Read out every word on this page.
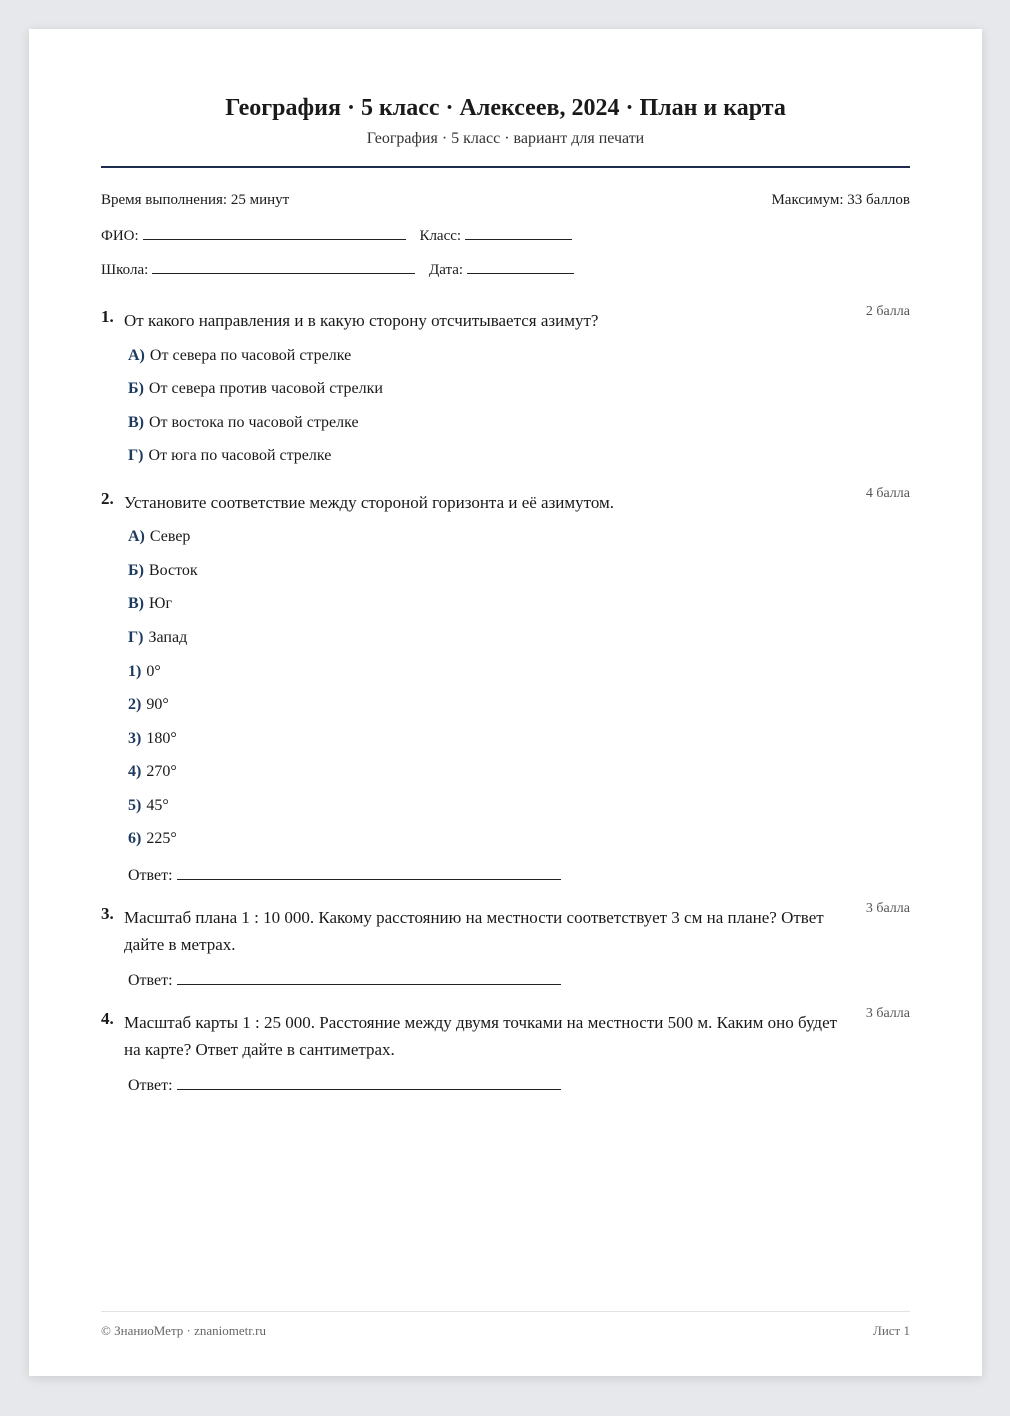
География · 5 класс · Алексеев, 2024 · План и карта
География · 5 класс · вариант для печати
Время выполнения: 25 минут	Максимум: 33 баллов
ФИО:	Класс:
Школа:	Дата:
1. От какого направления и в какую сторону отсчитывается азимут?	2 балла
А) От севера по часовой стрелке
Б) От севера против часовой стрелки
В) От востока по часовой стрелке
Г) От юга по часовой стрелке
2. Установите соответствие между стороной горизонта и её азимутом.	4 балла
А) Север
Б) Восток
В) Юг
Г) Запад
1) 0°
2) 90°
3) 180°
4) 270°
5) 45°
6) 225°
Ответ:
3. Масштаб плана 1 : 10 000. Какому расстоянию на местности соответствует 3 см на плане? Ответ дайте в метрах.
3 балла
Ответ:
4. Масштаб карты 1 : 25 000. Расстояние между двумя точками на местности 500 м. Каким оно будет на карте? Ответ дайте в сантиметрах.
3 балла
Ответ:
© ЗнаниоМетр · znaniometr.ru	Лист 1
